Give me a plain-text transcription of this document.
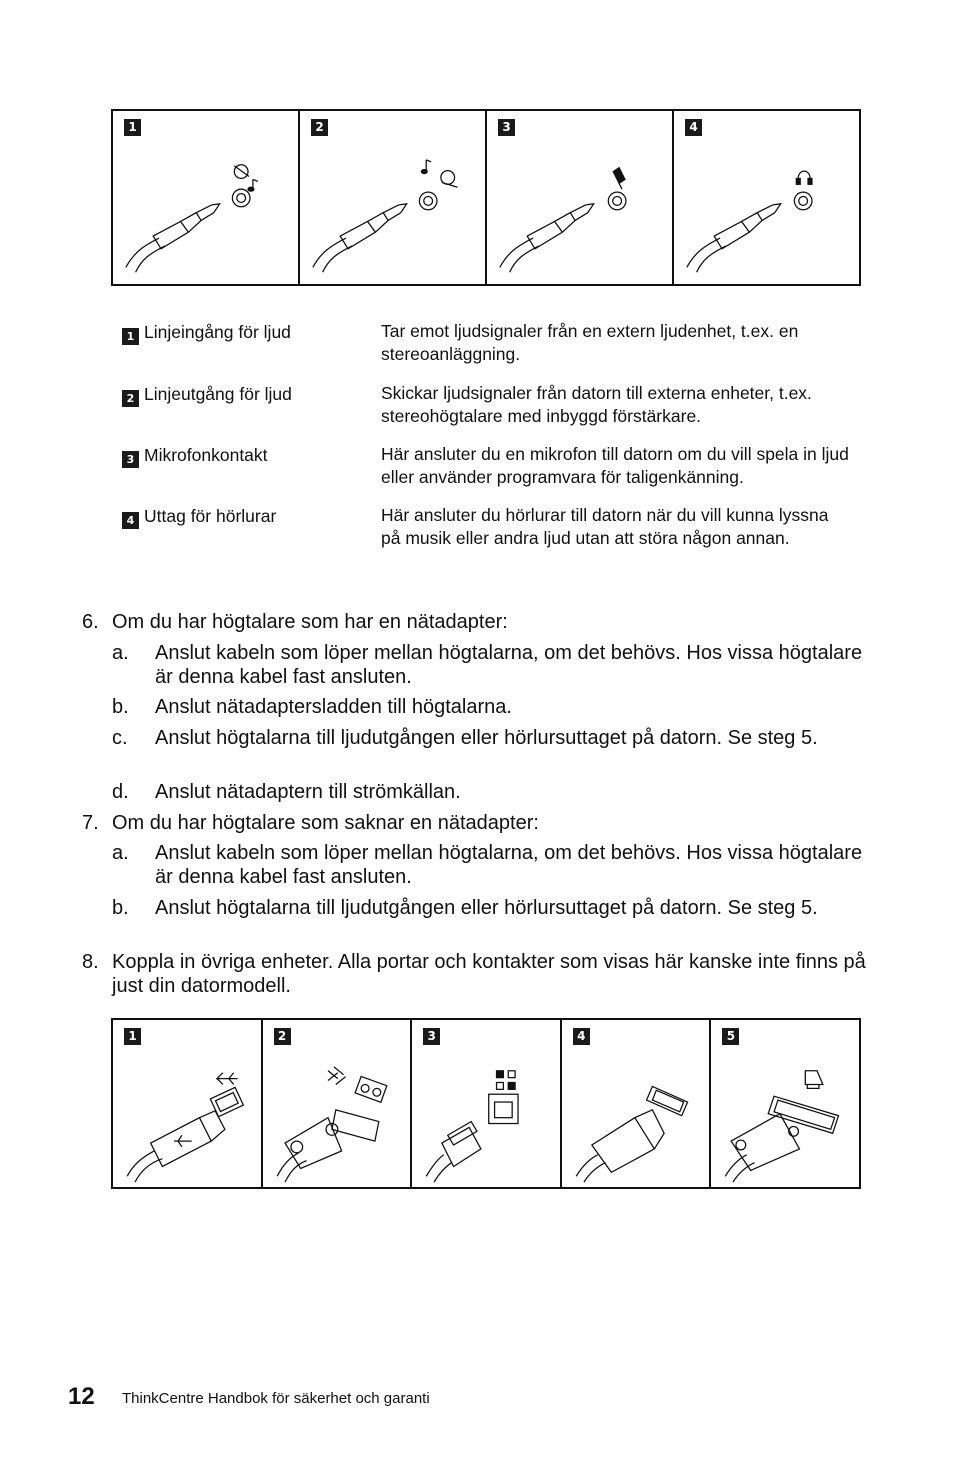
1	2	3	4
1 Linjeingång för ljud	Tar emot ljudsignaler från en extern ljudenhet, t.ex. en stereoanläggning.
2 Linjeutgång för ljud	Skickar ljudsignaler från datorn till externa enheter, t.ex. stereohögtalare med inbyggd förstärkare.
3 Mikrofonkontakt	Här ansluter du en mikrofon till datorn om du vill spela in ljud eller använder programvara för taligenkänning.
4 Uttag för hörlurar	Här ansluter du hörlurar till datorn när du vill kunna lyssna på musik eller andra ljud utan att störa någon annan.
6. Om du har högtalare som har en nätadapter:
a. Anslut kabeln som löper mellan högtalarna, om det behövs. Hos vissa högtalare är denna kabel fast ansluten.
b. Anslut nätadaptersladden till högtalarna.
c. Anslut högtalarna till ljudutgången eller hörlursuttaget på datorn. Se steg 5.
d. Anslut nätadaptern till strömkällan.
7. Om du har högtalare som saknar en nätadapter:
a. Anslut kabeln som löper mellan högtalarna, om det behövs. Hos vissa högtalare är denna kabel fast ansluten.
b. Anslut högtalarna till ljudutgången eller hörlursuttaget på datorn. Se steg 5.
8. Koppla in övriga enheter. Alla portar och kontakter som visas här kanske inte finns på just din datormodell.
1	2	3	4	5
12 ThinkCentre Handbok för säkerhet och garanti
